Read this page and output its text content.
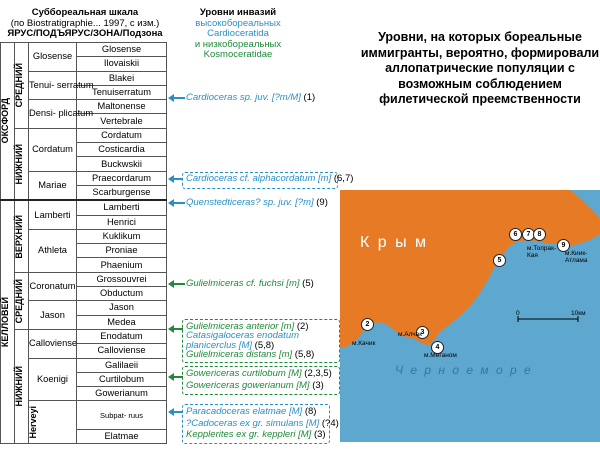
Суббореальная шкала
(по Biostratigraphie... 1997, с изм.)
ЯРУС/ПОДЪЯРУС/ЗОНА/Подзона
Уровни инвазий
высокобореальных
Cardioceratida
и низкобореальных
Kosmoceratidae
ОКСФОРД	СРЕДНИЙ	Glosense	Glosense	
			Ilovaiskii	
		Tenui- serratum	Blakei	
			Tenuiserratum	
		Densi- plicatum	Maltonense	
			Vertebrale	

	НИЖНИЙ	Cordatum	Cordatum	
			Costicardia	
			Buckwskii	
		Mariae	Praecordarum	
			Scarburgense	

КЕЛЛОВЕЙ	ВЕРХНИЙ	Lamberti	Lamberti	
			Henrici	
		Athleta	Kuklikum	
			Proniae	
			Phaenium	

	СРЕДНИЙ	Coronatum	Grossouvrei	
			Obductum	
		Jason	Jason	
			Medea	

	НИЖНИЙ	Calloviense	Enodatum	
			Calloviense	
		Koenigi	Galilaeii	
			Curtilobum	
			Gowerianum	

		Herveyi	Subpat- ruus	

			Elatmae	
Cardioceras sp. juv. [?m/M] (1)
Cardioceras cf. alphacordatum [m] (6,7)
Quenstedticeras? sp. juv. [?m] (9)
Gulielmiceras cf. fuchsi [m] (5)
Gulielmiceras anterior [m] (2)
Catasigaloceras enodatum planicerclus [M] (5,8)
Gulielmiceras distans [m] (5,8)
Gowericeras curtilobum [M] (2,3,5)
Gowericeras gowerianum [M] (3)
Paracadoceras elatmae [M] (8)
?Cadoceras ex gr. simulans [M] (?4)
Kepplerites ex gr. keppleri [M] (3)
Уровни, на которых бореальные иммигранты, вероятно, формировали аллопатрические популяции с возможным соблюдением филетической преемственности
К р ы м
Ч е р н о е м о р е
2
3
4
5
6	7	8
9
м.Качик
м.Алчак
м.Меганом
м.Топрак-Кая	м.Киик-Атлама
0	10км
